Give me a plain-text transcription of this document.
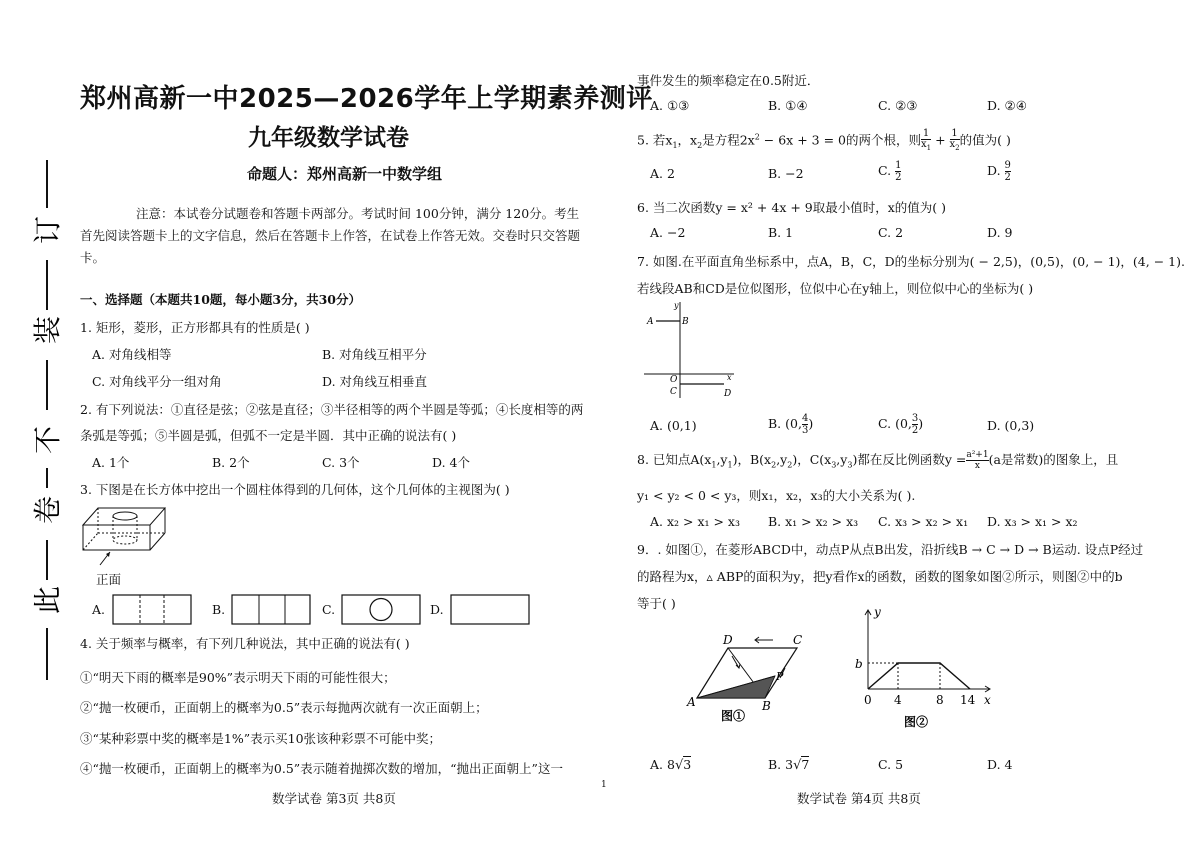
订
装
不
卷
此
郑州高新一中2025—2026学年上学期素养测评
九年级数学试卷
命题人：郑州高新一中数学组
注意：本试卷分试题卷和答题卡两部分。考试时间 100分钟，满分 120分。考生首先阅读答题卡上的文字信息，然后在答题卡上作答，在试卷上作答无效。交卷时只交答题卡。
一、选择题（本题共10题，每小题3分，共30分）
1. 矩形，菱形，正方形都具有的性质是( )
A. 对角线相等	B. 对角线互相平分
C. 对角线平分一组对角	D. 对角线互相垂直
2. 有下列说法：①直径是弦；②弦是直径；③半径相等的两个半圆是等弧；④长度相等的两
条弧是等弧；⑤半圆是弧，但弧不一定是半圆．其中正确的说法有( )
A. 1个	B. 2个	C. 3个	D. 4个
3. 下图是在长方体中挖出一个圆柱体得到的几何体，这个几何体的主视图为( )
正面
A.	B.	C.	D.
4. 关于频率与概率，有下列几种说法，其中正确的说法有( )
①“明天下雨的概率是90%”表示明天下雨的可能性很大；
②“抛一枚硬币，正面朝上的概率为0.5”表示每抛两次就有一次正面朝上；
③“某种彩票中奖的概率是1%”表示买10张该种彩票不可能中奖；
④“抛一枚硬币，正面朝上的概率为0.5”表示随着抛掷次数的增加，“抛出正面朝上”这一
数学试卷 第3页 共8页
1
事件发生的频率稳定在0.5附近．
A. ①③	B. ①④	C. ②③	D. ②④
5. 若$x_1$，$x_2$是方程$2x^2 - 6x + 3 = 0$的两个根，则 $\frac{1}{x_1} + \frac{1}{x_2}$ 的值为( )
A. 2	B. −2	C. $\frac{1}{2}$	D. $\frac{9}{2}$
6. 当二次函数y = x² + 4x + 9取最小值时，x的值为( )
A. −2	B. 1	C. 2	D. 9
7. 如图.在平面直角坐标系中，点A，B，C，D的坐标分别为( − 2,5)，(0,5)，(0, − 1)，(4, − 1).
若线段AB和CD是位似图形，位似中心在y轴上，则位似中心的坐标为( )
A	B
y
O
C	D
x
A. (0,1)	B. (0, $\frac{4}{3}$ )	C. (0, $\frac{3}{2}$ )	D. (0,3)
8. 已知点$A(x_1,y_1)$，$B(x_2,y_2)$，$C(x_3,y_3)$都在反比例函数$y = \frac{\text{a²+1}}{x} (a$是常数)的图象上，且
y₁ < y₂ < 0 < y₃，则x₁，x₂，x₃的大小关系为( ).
A. x₂ > x₁ > x₃ B. x₁ > x₂ > x₃ C. x₃ > x₂ > x₁ D. x₃ > x₁ > x₂
9．. 如图①，在菱形ABCD中，动点P从点B出发，沿折线B → C → D → B运动. 设点P经过
的路程为x，▵ ABP的面积为y，把y看作x的函数，函数的图象如图②所示，则图②中的b
等于( )
D	C
A	B
P
图①
y
b
0 4	8 14 x
图②
A. 8√3	B. 3√7	C. 5	D. 4
数学试卷 第4页 共8页
